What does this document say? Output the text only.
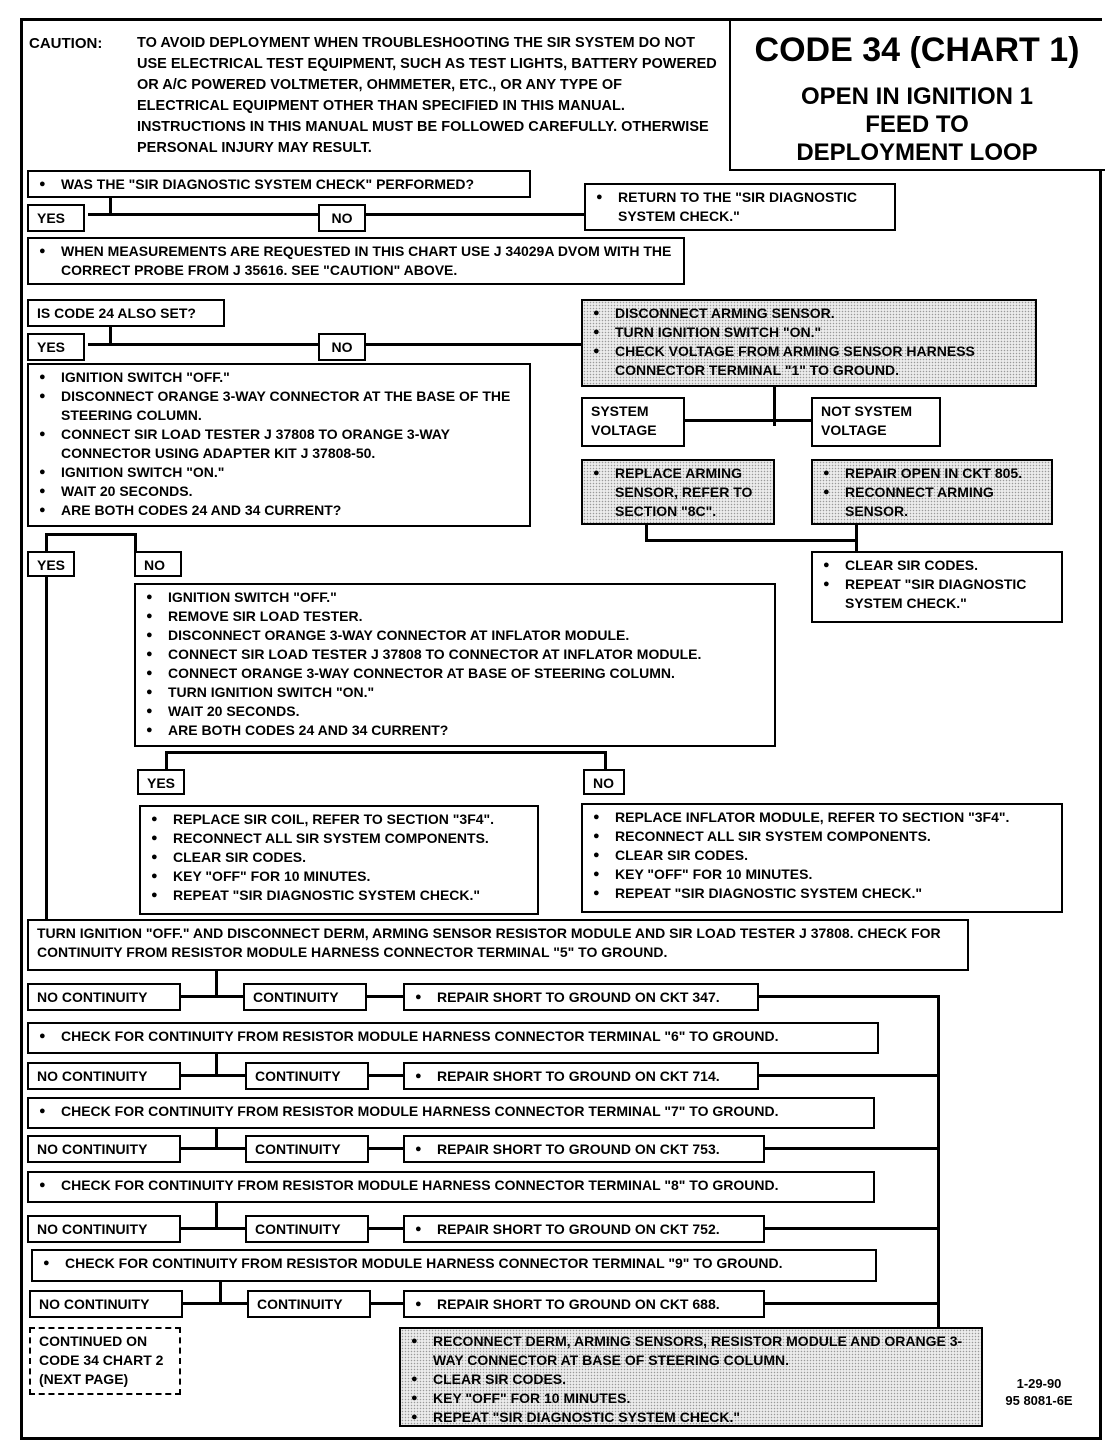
CAUTION: TO AVOID DEPLOYMENT WHEN TROUBLESHOOTING THE SIR SYSTEM DO NOT USE ELECTRICAL TEST EQUIPMENT, SUCH AS TEST LIGHTS, BATTERY POWERED OR A/C POWERED VOLTMETER, OHMMETER, ETC., OR ANY TYPE OF ELECTRICAL EQUIPMENT OTHER THAN SPECIFIED IN THIS MANUAL. INSTRUCTIONS IN THIS MANUAL MUST BE FOLLOWED CAREFULLY. OTHERWISE PERSONAL INJURY MAY RESULT.
CODE 34 (CHART 1)
OPEN IN IGNITION 1
FEED TO
DEPLOYMENT LOOP
● WAS THE "SIR DIAGNOSTIC SYSTEM CHECK" PERFORMED?
YES	NO
● RETURN TO THE "SIR DIAGNOSTIC SYSTEM CHECK."
● WHEN MEASUREMENTS ARE REQUESTED IN THIS CHART USE J 34029A DVOM WITH THE CORRECT PROBE FROM J 35616. SEE "CAUTION" ABOVE.
IS CODE 24 ALSO SET?
YES	NO
● DISCONNECT ARMING SENSOR.
● TURN IGNITION SWITCH "ON."
● CHECK VOLTAGE FROM ARMING SENSOR HARNESS CONNECTOR TERMINAL "1" TO GROUND.
SYSTEM VOLTAGE
NOT SYSTEM VOLTAGE
● REPLACE ARMING SENSOR, REFER TO SECTION "8C".
● REPAIR OPEN IN CKT 805.
● RECONNECT ARMING SENSOR.
● CLEAR SIR CODES.
● REPEAT "SIR DIAGNOSTIC SYSTEM CHECK."
● IGNITION SWITCH "OFF."
● DISCONNECT ORANGE 3-WAY CONNECTOR AT THE BASE OF THE STEERING COLUMN.
● CONNECT SIR LOAD TESTER J 37808 TO ORANGE 3-WAY CONNECTOR USING ADAPTER KIT J 37808-50.
● IGNITION SWITCH "ON."
● WAIT 20 SECONDS.
● ARE BOTH CODES 24 AND 34 CURRENT?
YES	NO
● IGNITION SWITCH "OFF."
● REMOVE SIR LOAD TESTER.
● DISCONNECT ORANGE 3-WAY CONNECTOR AT INFLATOR MODULE.
● CONNECT SIR LOAD TESTER J 37808 TO CONNECTOR AT INFLATOR MODULE.
● CONNECT ORANGE 3-WAY CONNECTOR AT BASE OF STEERING COLUMN.
● TURN IGNITION SWITCH "ON."
● WAIT 20 SECONDS.
● ARE BOTH CODES 24 AND 34 CURRENT?
YES	NO
● REPLACE SIR COIL, REFER TO SECTION "3F4".
● RECONNECT ALL SIR SYSTEM COMPONENTS.
● CLEAR SIR CODES.
● KEY "OFF" FOR 10 MINUTES.
● REPEAT "SIR DIAGNOSTIC SYSTEM CHECK."
● REPLACE INFLATOR MODULE, REFER TO SECTION "3F4".
● RECONNECT ALL SIR SYSTEM COMPONENTS.
● CLEAR SIR CODES.
● KEY "OFF" FOR 10 MINUTES.
● REPEAT "SIR DIAGNOSTIC SYSTEM CHECK."
TURN IGNITION "OFF." AND DISCONNECT DERM, ARMING SENSOR RESISTOR MODULE AND SIR LOAD TESTER J 37808. CHECK FOR CONTINUITY FROM RESISTOR MODULE HARNESS CONNECTOR TERMINAL "5" TO GROUND.
NO CONTINUITY	CONTINUITY	● REPAIR SHORT TO GROUND ON CKT 347.
● CHECK FOR CONTINUITY FROM RESISTOR MODULE HARNESS CONNECTOR TERMINAL "6" TO GROUND.
NO CONTINUITY	CONTINUITY	● REPAIR SHORT TO GROUND ON CKT 714.
● CHECK FOR CONTINUITY FROM RESISTOR MODULE HARNESS CONNECTOR TERMINAL "7" TO GROUND.
NO CONTINUITY	CONTINUITY	● REPAIR SHORT TO GROUND ON CKT 753.
● CHECK FOR CONTINUITY FROM RESISTOR MODULE HARNESS CONNECTOR TERMINAL "8" TO GROUND.
NO CONTINUITY	CONTINUITY	● REPAIR SHORT TO GROUND ON CKT 752.
● CHECK FOR CONTINUITY FROM RESISTOR MODULE HARNESS CONNECTOR TERMINAL "9" TO GROUND.
NO CONTINUITY	CONTINUITY	● REPAIR SHORT TO GROUND ON CKT 688.
CONTINUED ON CODE 34 CHART 2 (NEXT PAGE)
● RECONNECT DERM, ARMING SENSORS, RESISTOR MODULE AND ORANGE 3- WAY CONNECTOR AT BASE OF STEERING COLUMN.
● CLEAR SIR CODES.
● KEY "OFF" FOR 10 MINUTES.
● REPEAT "SIR DIAGNOSTIC SYSTEM CHECK."
1-29-90
95 8081-6E
